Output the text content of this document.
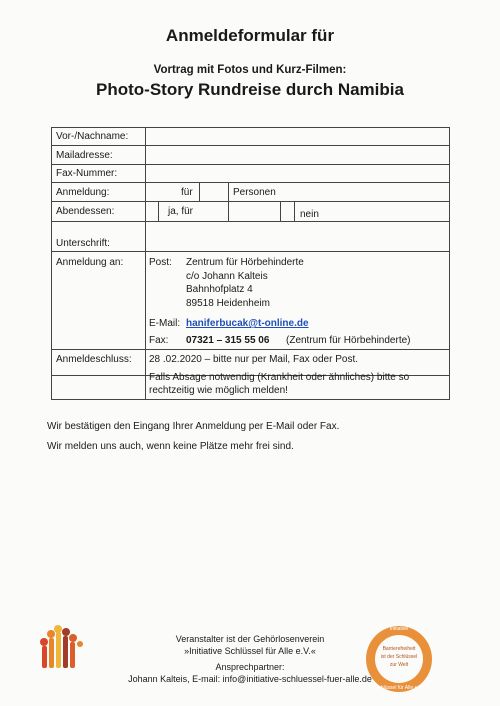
Anmeldeformular für
Vortrag mit Fotos und Kurz-Filmen:
Photo-Story Rundreise durch Namibia
Vor-/Nachname:
Mailadresse:
Fax-Nummer:
Anmeldung:	für	Personen
Abendessen:	ja, für	nein
Unterschrift:
Anmeldung an:	Post: Zentrum für Hörbehinderte
c/o Johann Kalteis
Bahnhofplatz 4
89518 Heidenheim
E-Mail: haniferbucak@t-online.de
Fax: 07321 – 315 55 06 (Zentrum für Hörbehinderte)
Anmeldeschluss: 28 .02.2020 – bitte nur per Mail, Fax oder Post.
Falls Absage notwendig (Krankheit oder ähnliches) bitte so
rechtzeitig wie möglich melden!
Wir bestätigen den Eingang Ihrer Anmeldung per E-Mail oder Fax.
Wir melden uns auch, wenn keine Plätze mehr frei sind.
Veranstalter ist der Gehörlosenverein
»Initiative Schlüssel für Alle e.V.«
Ansprechpartner:
Johann Kalteis, E-mail: info@initiative-schluessel-fuer-alle.de
Initiative
Barrierefreiheit
ist der Schlüssel
zur Welt
Schlüssel für Alle e.V.
